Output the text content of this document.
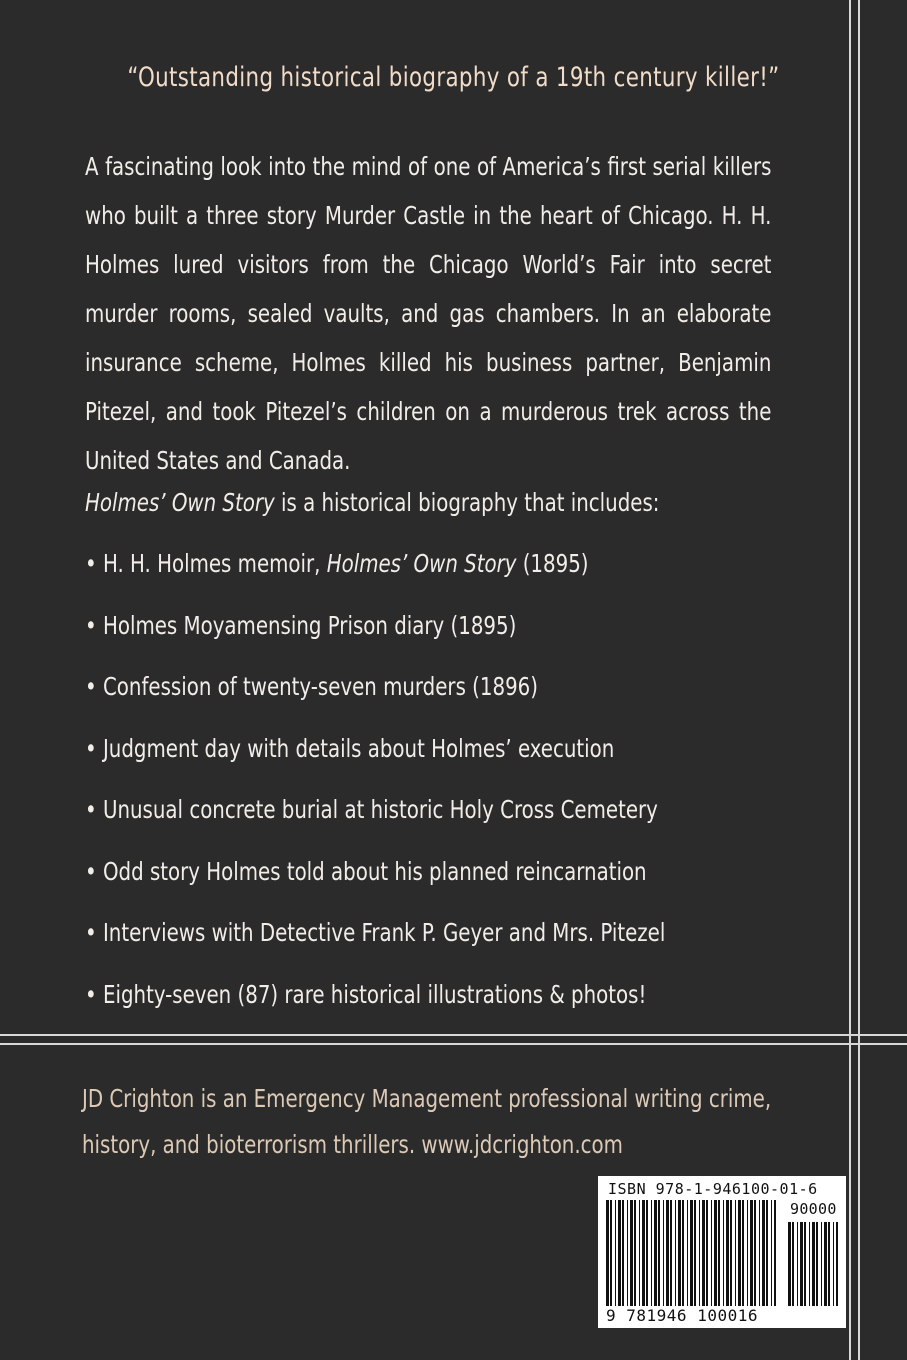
“Outstanding historical biography of a 19th century killer!”
A fascinating look into the mind of one of America’s first serial killers who built a three story Murder Castle in the heart of Chicago. H. H. Holmes lured visitors from the Chicago World’s Fair into secret murder rooms, sealed vaults, and gas chambers. In an elaborate insurance scheme, Holmes killed his business partner, Benjamin Pitezel, and took Pitezel’s children on a murderous trek across the United States and Canada.
Holmes’ Own Story is a historical biography that includes:
• H. H. Holmes memoir, Holmes’ Own Story (1895)
• Holmes Moyamensing Prison diary (1895)
• Confession of twenty-seven murders (1896)
• Judgment day with details about Holmes’ execution
• Unusual concrete burial at historic Holy Cross Cemetery
• Odd story Holmes told about his planned reincarnation
• Interviews with Detective Frank P. Geyer and Mrs. Pitezel
• Eighty-seven (87) rare historical illustrations & photos!
JD Crighton is an Emergency Management professional writing crime, history, and bioterrorism thrillers. www.jdcrighton.com
ISBN 978-1-946100-01-6
90000
9 781946 100016
